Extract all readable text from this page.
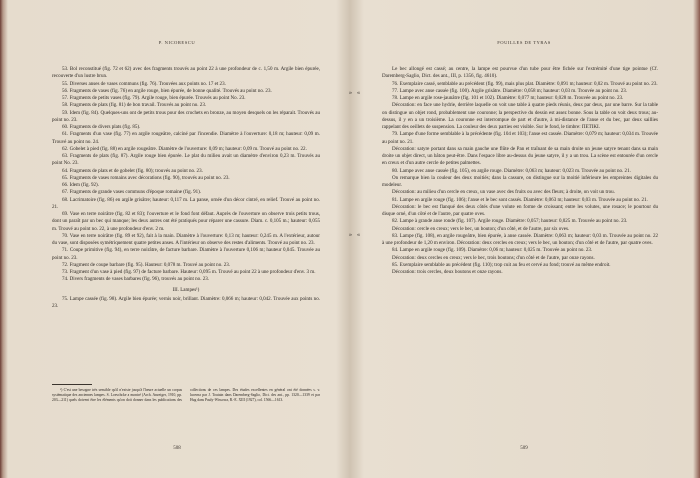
P. NICORESCU

53. Bol reconstitué (fig. 72 et 62) avec des fragments trouvés au point 22 à une profondeur de c. 1,50 m. Argile bien épurée, recouverte d'un lustre brun.

55. Diverses anses de vases communs (fig. 76). Trouvées aux points no. 17 et 23.

56. Fragments de vases (fig. 76) en argile rouge, bien épurée, de bonne qualité. Trouvés au point no. 23.

57. Fragments de petits vases (fig. 79). Argile rouge, bien épurée. Trouvés au point No. 23.

58. Fragments de plats (fig. 81) de bon travail. Trouvés au point no. 23.

59. Idem (fig. 84). Quelques-uns ont de petits trous pour des crochets en bronze, au moyen desquels on les réparait. Trouvés au point no. 23.

60. Fragments de divers plats (fig. 85).

61. Fragments d'un vase (fig. 77) en argile rougeâtre, calciné par l'incendie. Diamètre à l'ouverture: 0,18 m; hauteur: 0,09 m. Trouvé au point no. 24.

62. Gobelet à pied (fig. 88) en argile rougeâtre. Diamètre de l'ouverture: 0,09 m; hauteur: 0,09 m. Trouvé au point no. 22.

63. Fragments de plats (fig. 87). Argile rouge bien épurée. Le plat du milieu avait un diamètre d'environ 0,23 m. Trouvés au point No. 23.

64. Fragments de plats et de gobelet (fig. 80); trouvés au point no. 23.

65. Fragments de vases romains avec décorations (fig. 90), trouvés au point no. 23.

66. Idem (fig. 92).

67. Fragments de grande vases communs d'époque romaine (fig. 91).

68. Lacrimatoire (fig. 86) en argile grisâtre; hauteur: 0,117 m. La panse, ornée d'un décor cintré, en relief. Trouvé au point no. 21.

69. Vase en terre noirâtre (fig. 82 et 83); l'ouverture et le fond font défaut. Auprès de l'ouverture on observe trois petits trous, dont un paraît par un bec qui manque; les deux autres ont été pratiqués pour réparer une cassure. Diam. c. 0,105 m.; hauteur: 0,055 m. Trouvé au point no. 22, à une profondeur d'env. 2 m.

70. Vase en terre noirâtre (fig. 89 et 92), fait à la main. Diamètre à l'ouverture: 0,13 m; hauteur: 0,245 m. A l'extérieur, autour du vase, sont disposées symétriquement quatre petites anses. A l'intérieur on observe des restes d'aliments. Trouvé au point no. 23.

71. Coupe primitive (fig. 94), en terre noirâtre, de facture barbare. Diamètre à l'ouverture 0,106 m; hauteur 0,045. Trouvée au point no. 23.

72. Fragment de coupe barbare (fig. 95). Hauteur: 0,078 m. Trouvé au point no. 23.

73. Fragment d'un vase à pied (fig. 97) de facture barbare. Hauteur: 0,095 m. Trouvé au point 22 à une profondeur d'env. 3 m.

74. Divers fragments de vases barbares (fig. 96), trouvés au point no. 23.

III. Lampes¹)

75. Lampe cassée (fig. 98). Argile bien épurée; vernis noir, brillant. Diamètre: 0,066 m; hauteur: 0,042. Trouvée aux points no. 23.

¹) C'est une besogne très sensible qu'il n'existe jusqu'à l'heure actuelle un corpus systématique des anciennes lampes. S. Loeschcke a montré (Arch. Anzeiger, 1910, pp. 203—211) quels doivent être les éléments qu'on doit donner dans les publications des collections de ces lampes. Des études excellentes en général ont été données s. v. lucerna par J. Toutain dans Daremberg-Saglio, Dict. des ant., pp. 1320—1339 et par Hug dans Pauly-Wissowa, R.-E. XIII (1927), col. 1566—1613.

508
FOUILLES DE TYRAS

Le bec allongé est cassé; au centre, la lampe est pourvue d'un tube pour être fichée sur l'extrémité d'une tige pointue (Cf. Daremberg-Saglio, Dict. des ant., III, p. 1356, fig. 4610).

76. Exemplaire cassé, semblable au précédent (fig. 99), mais plus plat. Diamètre: 0,091 m; hauteur: 0,02 m. Trouvé au point no. 23.

77. Lampe avec anse cassée (fig. 100). Argile grisâtre. Diamètre: 0,058 m; hauteur: 0,03 m. Trouvée au point no. 23.

78. Lampe en argile rose-jaunâtre (fig. 101 et 102). Diamètre: 0,077 m; hauteur: 0,028 m. Trouvée au point no. 23.

Décoration: en face une hydrie, derrière laquelle on voit une table à quatre pieds réunis, deux par deux, par une barre. Sur la table on distingue un objet rond, probablement une couronne; la perspective du dessin est assez bonne. Sous la table on voit deux trous; au-dessus, il y en a un troisième. La couronne est interrompue de part et d'autre, à mi-distance de l'anse et du bec, par deux saillies rappelant des oeillets de suspension. La couleur des deux parties est visible. Sur le fond, le timbre: ΠΕΤΙΚΙ.

79. Lampe d'une forme semblable à la précédente (fig. 104 et 103); l'anse est cassée. Diamètre: 0,079 m; hauteur: 0,034 m. Trouvée au point no. 21.

Décoration: satyre portant dans sa main gauche une flûte de Pan et traînant de sa main droite un jeune satyre tenant dans sa main droite un objet direct, un bâton peut-être. Dans l'espace libre au-dessus du jeune satyre, il y a un trou. La scène est entourée d'un cercle en creux et d'un autre cercle de petites palmettes.

80. Lampe avec anse cassée (fig. 105), en argile rouge. Diamètre: 0,063 m; hauteur: 0,023 m. Trouvée au point no. 21.

On remarque bien la couleur des deux moitiés; dans la cassure, on distingue sur la moitié inférieure les empreintes digitales du modeleur.

Décoration: au milieu d'un cercle en creux, un vase avec des fruits ou avec des fleurs; à droite, on voit un trou.

81. Lampe en argile rouge (fig. 106); l'anse et le bec sont cassés. Diamètre: 0,063 m; hauteur: 0,03 m. Trouvée au point no. 21.

Décoration: le bec est flanqué des deux côtés d'une volute en forme de croissant; entre les volutes, une rosace; le pourtour du disque orné, d'un côté et de l'autre, par quatre oves.

82. Lampe à grande anse ronde (fig. 107). Argile rouge. Diamètre: 0,057; hauteur: 0,025 m. Trouvée au point no. 23.

Décoration: cercle en creux; vers le bec, un bouton; d'un côté, et de l'autre, par six oves.

83. Lampe (fig. 108), en argile rougeâtre, bien épurée, à anse cassée. Diamètre: 0,063 m; hauteur: 0,03 m. Trouvée au point no. 22 à une profondeur de 1,20 m environ. Décoration: deux cercles en creux; vers le bec, un bouton; d'un côté et de l'autre, par quatre oves.

84. Lampe en argile rouge (fig. 109). Diamètre: 0,06 m; hauteur: 0,025 m. Trouvée au point no. 23.

Décoration: deux cercles en creux; vers le bec, trois boutons; d'un côté et de l'autre, par onze rayons.

85. Exemplaire semblable au précédent (fig. 110); trop cuit au feu et cervé au fond; trouvé au même endroit.

Décoration: trois cercles, deux boutons et onze rayons.

509
»
»
«
«
